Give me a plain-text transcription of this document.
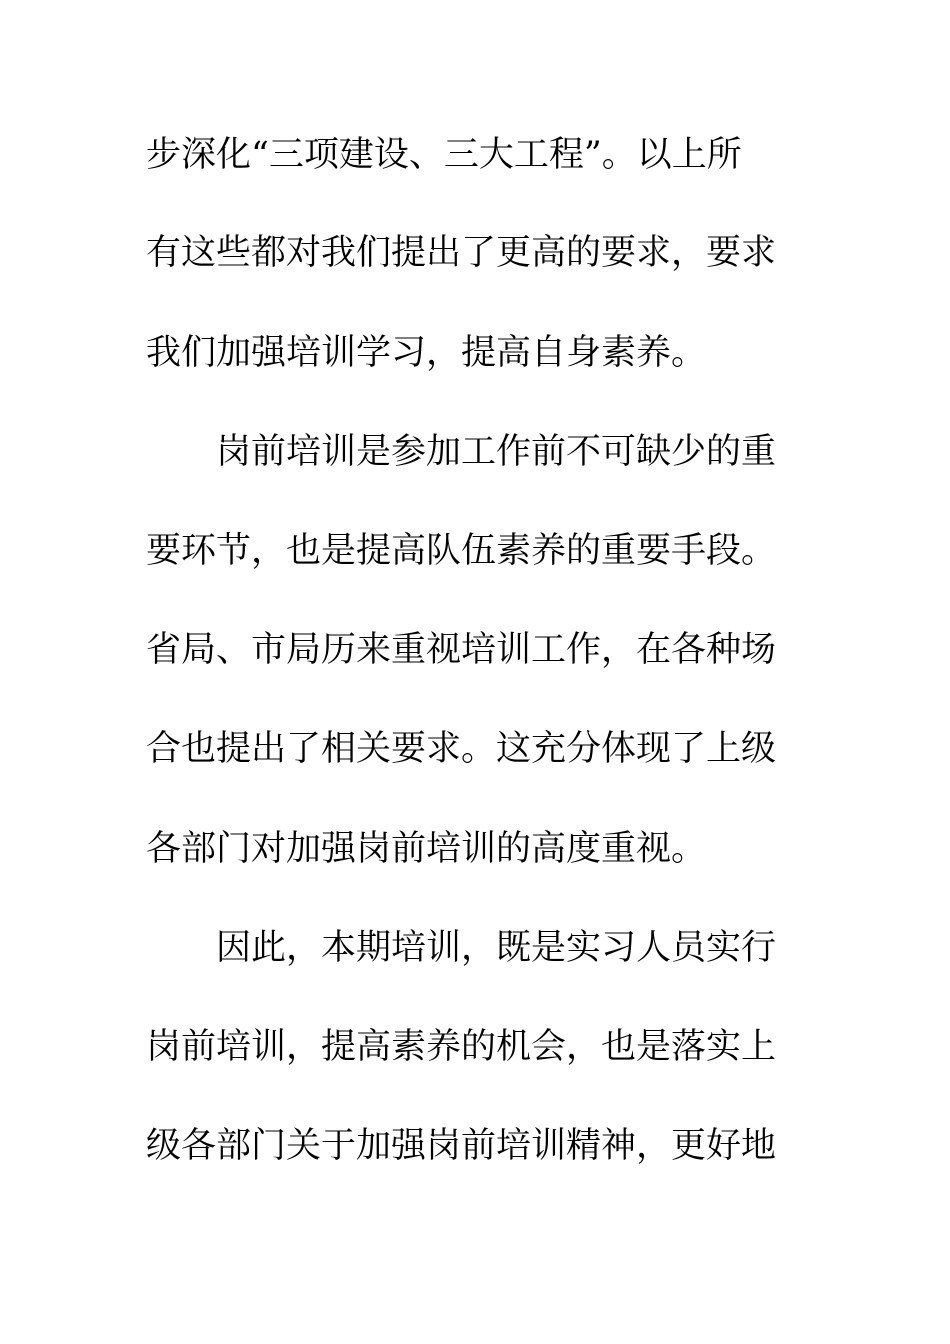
步深化“三项建设、三大工程”。以上所
有这些都对我们提出了更高的要求，要求
我们加强培训学习，提高自身素养。
岗前培训是参加工作前不可缺少的重
要环节，也是提高队伍素养的重要手段。
省局、市局历来重视培训工作，在各种场
合也提出了相关要求。这充分体现了上级
各部门对加强岗前培训的高度重视。
因此，本期培训，既是实习人员实行
岗前培训，提高素养的机会，也是落实上
级各部门关于加强岗前培训精神，更好地
